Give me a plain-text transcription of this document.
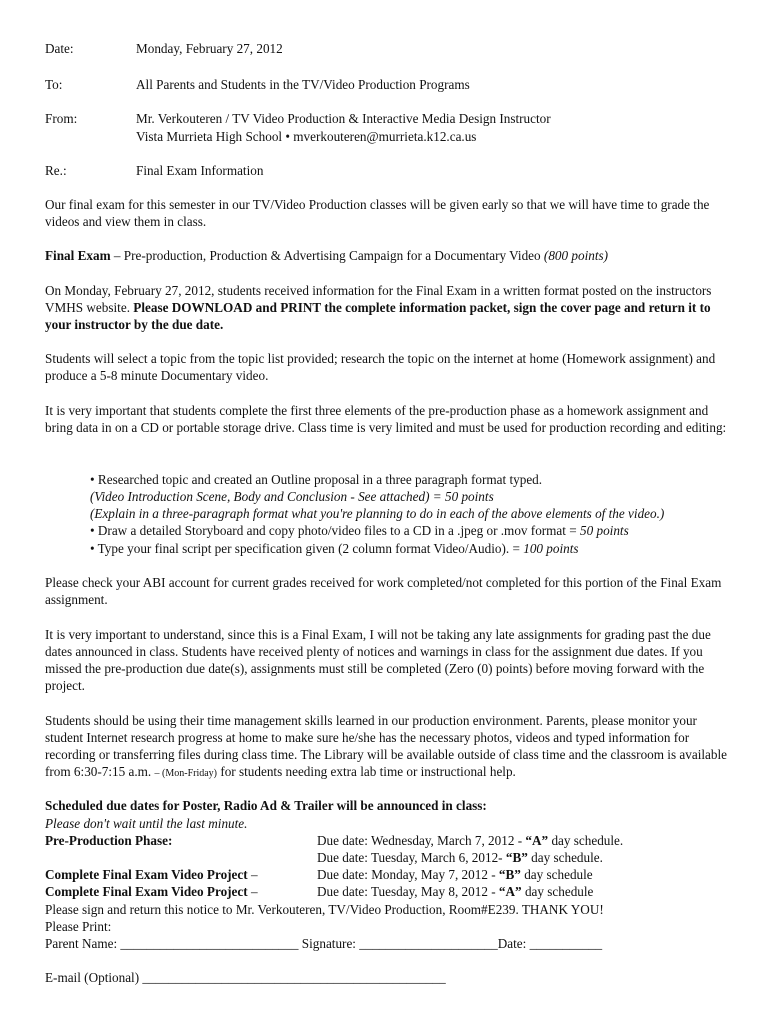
Date:	Monday, February 27, 2012
To:	All Parents and Students in the TV/Video Production Programs
From:	Mr. Verkouteren / TV Video Production & Interactive Media Design Instructor
Vista Murrieta High School • mverkouteren@murrieta.k12.ca.us
Re.:	Final Exam Information
Our final exam for this semester in our TV/Video Production classes will be given early so that we will have time to grade the videos and view them in class.
Final Exam – Pre-production, Production & Advertising Campaign for a Documentary Video (800 points)
On Monday, February 27, 2012, students received information for the Final Exam in a written format posted on the instructors VMHS website. Please DOWNLOAD and PRINT the complete information packet, sign the cover page and return it to your instructor by the due date.
Students will select a topic from the topic list provided; research the topic on the internet at home (Homework assignment) and produce a 5-8 minute Documentary video.
It is very important that students complete the first three elements of the pre-production phase as a homework assignment and bring data in on a CD or portable storage drive. Class time is very limited and must be used for production recording and editing:
• Researched topic and created an Outline proposal in a three paragraph format typed.
(Video Introduction Scene, Body and Conclusion - See attached) = 50 points
(Explain in a three-paragraph format what you're planning to do in each of the above elements of the video.)
• Draw a detailed Storyboard and copy photo/video files to a CD in a .jpeg or .mov format = 50 points
• Type your final script per specification given (2 column format Video/Audio). = 100 points
Please check your ABI account for current grades received for work completed/not completed for this portion of the Final Exam assignment.
It is very important to understand, since this is a Final Exam, I will not be taking any late assignments for grading past the due dates announced in class. Students have received plenty of notices and warnings in class for the assignment due dates. If you missed the pre-production due date(s), assignments must still be completed (Zero (0) points) before moving forward with the project.
Students should be using their time management skills learned in our production environment. Parents, please monitor your student Internet research progress at home to make sure he/she has the necessary photos, videos and typed information for recording or transferring files during class time. The Library will be available outside of class time and the classroom is available from 6:30-7:15 a.m. – (Mon-Friday) for students needing extra lab time or instructional help.
Scheduled due dates for Poster, Radio Ad & Trailer will be announced in class:
Please don't wait until the last minute.
Pre-Production Phase:	Due date: Wednesday, March 7, 2012 - “A” day schedule.
Due date: Tuesday, March 6, 2012- “B” day schedule.
Complete Final Exam Video Project –	Due date: Monday, May 7, 2012 - “B” day schedule
Complete Final Exam Video Project –	Due date: Tuesday, May 8, 2012 - “A” day schedule
Please sign and return this notice to Mr. Verkouteren, TV/Video Production, Room#E239. THANK YOU!
Please Print:
Parent Name: ___________________________ Signature: _____________________Date: ___________
E-mail (Optional) ______________________________________________
